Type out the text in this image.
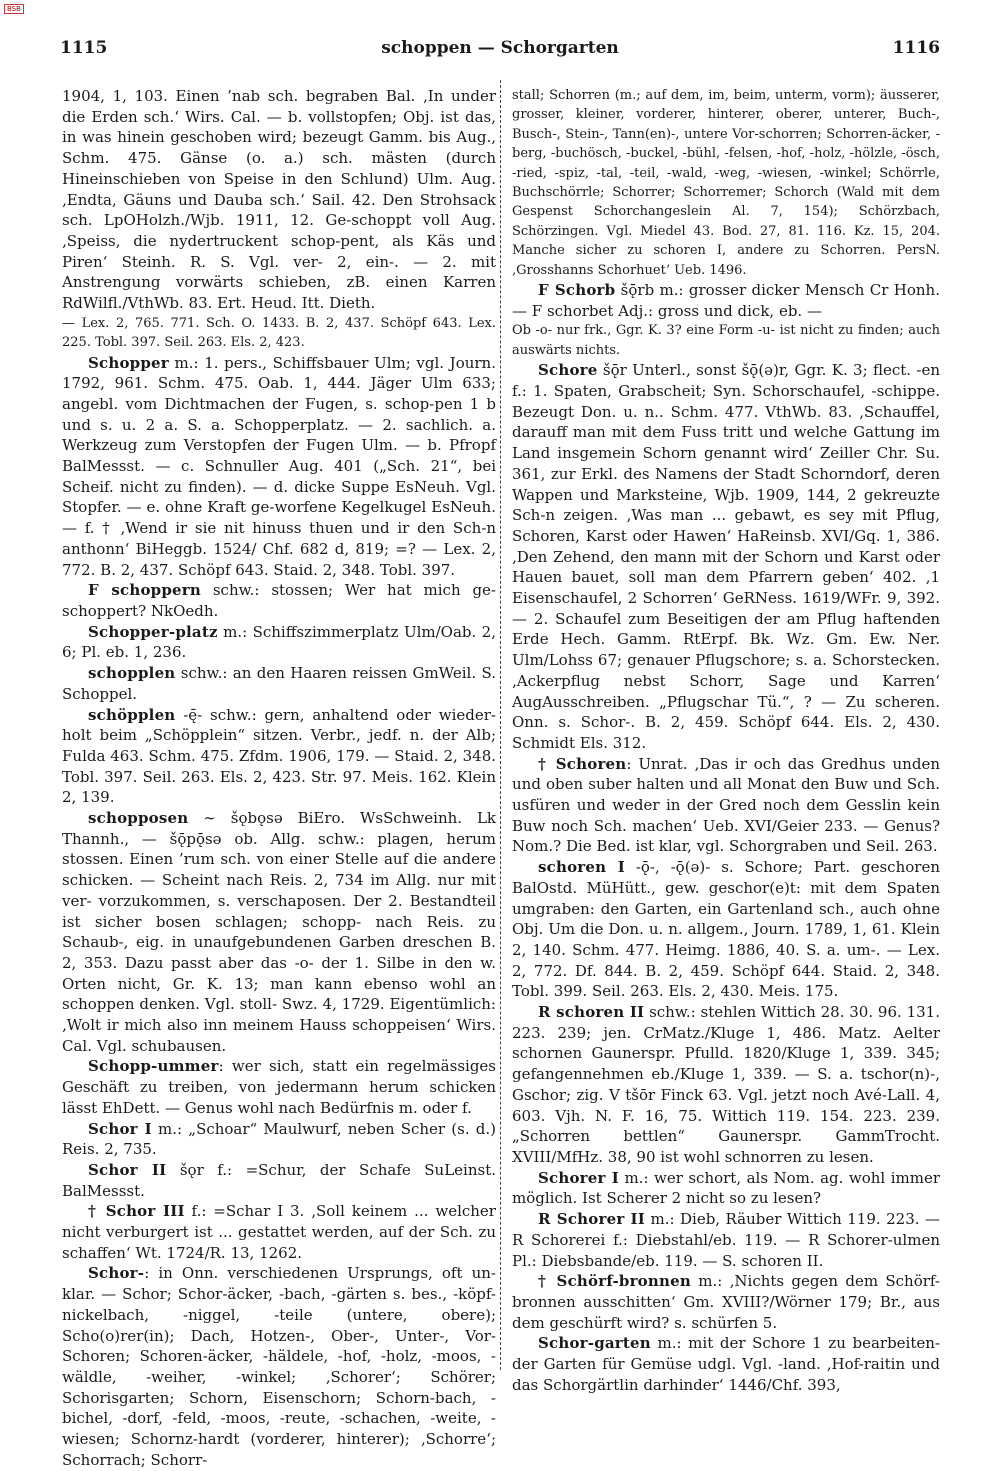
BSB
1115	schoppen — Schorgarten	1116

1904, 1, 103. Einen ’nab sch. begraben Bal. ‚In under die Erden sch.‘ Wirs. Cal. — b. vollstopfen; Obj. ist das, in was hinein geschoben wird; bezeugt Gamm. bis Aug., Schm. 475. Gänse (o. a.) sch. mästen (durch Hineinschieben von Speise in den Schlund) Ulm. Aug. ‚Endta, Gäuns und Dauba sch.‘ Sail. 42. Den Strohsack sch. LpOHolzh./Wjb. 1911, 12. Ge-schoppt voll Aug. ‚Speiss, die nydertruckent schop-pent, als Käs und Piren‘ Steinh. R. S. Vgl. ver- 2, ein-. — 2. mit Anstrengung vorwärts schieben, zB. einen Karren RdWilfl./VthWb. 83. Ert. Heud. Itt. Dieth.

— Lex. 2, 765. 771. Sch. O. 1433. B. 2, 437. Schöpf 643. Lex. 225. Tobl. 397. Seil. 263. Els. 2, 423.

Schopper m.: 1. pers., Schiffsbauer Ulm; vgl. Journ. 1792, 961. Schm. 475. Oab. 1, 444. Jäger Ulm 633; angebl. vom Dichtmachen der Fugen, s. schop-pen 1 b und s. u. 2 a. S. a. Schopperplatz. — 2. sachlich. a. Werkzeug zum Verstopfen der Fugen Ulm. — b. Pfropf BalMessst. — c. Schnuller Aug. 401 („Sch. 21“, bei Scheif. nicht zu finden). — d. dicke Suppe EsNeuh. Vgl. Stopfer. — e. ohne Kraft ge-worfene Kegelkugel EsNeuh. — f. † ‚Wend ir sie nit hinuss thuen und ir den Sch-n anthonn‘ BiHeggb. 1524/ Chf. 682 d, 819; =? — Lex. 2, 772. B. 2, 437. Schöpf 643. Staid. 2, 348. Tobl. 397.

F schoppern schw.: stossen; Wer hat mich ge-schoppert? NkOedh.

Schopper-platz m.: Schiffszimmerplatz Ulm/Oab. 2, 6; Pl. eb. 1, 236.

schopplen schw.: an den Haaren reissen GmWeil. S. Schoppel.

schöpplen -ę̄- schw.: gern, anhaltend oder wieder-holt beim „Schöpplein“ sitzen. Verbr., jedf. n. der Alb; Fulda 463. Schm. 475. Zfdm. 1906, 179. — Staid. 2, 348. Tobl. 397. Seil. 263. Els. 2, 423. Str. 97. Meis. 162. Klein 2, 139.

schopposen ∼ šǫbǫsə BiEro. WsSchweinh. Lk Thannh., — šǭpǭsə ob. Allg. schw.: plagen, herum stossen. Einen ’rum sch. von einer Stelle auf die andere schicken. — Scheint nach Reis. 2, 734 im Allg. nur mit ver- vorzukommen, s. verschaposen. Der 2. Bestandteil ist sicher bosen schlagen; schopp- nach Reis. zu Schaub-, eig. in unaufgebundenen Garben dreschen B. 2, 353. Dazu passt aber das -o- der 1. Silbe in den w. Orten nicht, Gr. K. 13; man kann ebenso wohl an schoppen denken. Vgl. stoll- Swz. 4, 1729. Eigentümlich: ‚Wolt ir mich also inn meinem Hauss schoppeisen‘ Wirs. Cal. Vgl. schubausen.

Schopp-ummer: wer sich, statt ein regelmässiges Geschäft zu treiben, von jedermann herum schicken lässt EhDett. — Genus wohl nach Bedürfnis m. oder f.

Schor I m.: „Schoar“ Maulwurf, neben Scher (s. d.) Reis. 2, 735.

Schor II šǫr f.: =Schur, der Schafe SuLeinst. BalMessst.

† Schor III f.: =Schar I 3. ‚Soll keinem ... welcher nicht verburgert ist ... gestattet werden, auf der Sch. zu schaffen‘ Wt. 1724/R. 13, 1262.

Schor-: in Onn. verschiedenen Ursprungs, oft un-klar. — Schor; Schor-äcker, -bach, -gärten s. bes., -köpf-nickelbach, -niggel, -teile (untere, obere); Scho(o)rer(in); Dach, Hotzen-, Ober-, Unter-, Vor-Schoren; Schoren-äcker, -häldele, -hof, -holz, -moos, -wäldle, -weiher, -winkel; ‚Schorer‘; Schörer; Schorisgarten; Schorn, Eisenschorn; Schorn-bach, -bichel, -dorf, -feld, -moos, -reute, -schachen, -weite, -wiesen; Schornz-hardt (vorderer, hinterer); ‚Schorre‘; Schorrach; Schorr-

stall; Schorren (m.; auf dem, im, beim, unterm, vorm); äusserer, grosser, kleiner, vorderer, hinterer, oberer, unterer, Buch-, Busch-, Stein-, Tann(en)-, untere Vor-schorren; Schorren-äcker, -berg, -buchösch, -buckel, -bühl, -felsen, -hof, -holz, -hölzle, -ösch, -ried, -spiz, -tal, -teil, -wald, -weg, -wiesen, -winkel; Schörrle, Buchschörrle; Schorrer; Schorremer; Schorch (Wald mit dem Gespenst Schorchangeslein Al. 7, 154); Schörzbach, Schörzingen. Vgl. Miedel 43. Bod. 27, 81. 116. Kz. 15, 204. Manche sicher zu schoren I, andere zu Schorren. PersN. ‚Grosshanns Schorhuet‘ Ueb. 1496.

F Schorb šǭrb m.: grosser dicker Mensch Cr Honh. — F schorbet Adj.: gross und dick, eb. —

Ob -o- nur frk., Ggr. K. 3? eine Form -u- ist nicht zu finden; auch auswärts nichts.

Schore šǭr Unterl., sonst šǭ(ə)r, Ggr. K. 3; flect. -en f.: 1. Spaten, Grabscheit; Syn. Schorschaufel, -schippe. Bezeugt Don. u. n.. Schm. 477. VthWb. 83. ‚Schauffel, darauff man mit dem Fuss tritt und welche Gattung im Land insgemein Schorn genannt wird‘ Zeiller Chr. Su. 361, zur Erkl. des Namens der Stadt Schorndorf, deren Wappen und Marksteine, Wjb. 1909, 144, 2 gekreuzte Sch-n zeigen. ‚Was man ... gebawt, es sey mit Pflug, Schoren, Karst oder Hawen‘ HaReinsb. XVI/Gq. 1, 386. ‚Den Zehend, den mann mit der Schorn und Karst oder Hauen bauet, soll man dem Pfarrern geben‘ 402. ‚1 Eisenschaufel, 2 Schorren‘ GeRNess. 1619/WFr. 9, 392. — 2. Schaufel zum Beseitigen der am Pflug haftenden Erde Hech. Gamm. RtErpf. Bk. Wz. Gm. Ew. Ner. Ulm/Lohss 67; genauer Pflugschore; s. a. Schorstecken. ‚Ackerpflug nebst Schorr, Sage und Karren‘ AugAusschreiben. „Pflugschar Tü.“, ? — Zu scheren. Onn. s. Schor-. B. 2, 459. Schöpf 644. Els. 2, 430. Schmidt Els. 312.

† Schoren: Unrat. ‚Das ir och das Gredhus unden und oben suber halten und all Monat den Buw und Sch. usfüren und weder in der Gred noch dem Gesslin kein Buw noch Sch. machen‘ Ueb. XVI/Geier 233. — Genus? Nom.? Die Bed. ist klar, vgl. Schorgraben und Seil. 263.

schoren I -ǭ-, -ǭ(ə)- s. Schore; Part. geschoren BalOstd. MüHütt., gew. geschor(e)t: mit dem Spaten umgraben: den Garten, ein Gartenland sch., auch ohne Obj. Um die Don. u. n. allgem., Journ. 1789, 1, 61. Klein 2, 140. Schm. 477. Heimg. 1886, 40. S. a. um-. — Lex. 2, 772. Df. 844. B. 2, 459. Schöpf 644. Staid. 2, 348. Tobl. 399. Seil. 263. Els. 2, 430. Meis. 175.

R schoren II schw.: stehlen Wittich 28. 30. 96. 131. 223. 239; jen. CrMatz./Kluge 1, 486. Matz. Aelter schornen Gaunerspr. Pfulld. 1820/Kluge 1, 339. 345; gefangennehmen eb./Kluge 1, 339. — S. a. tschor(n)-, Gschor; zig. V tšōr Finck 63. Vgl. jetzt noch Avé-Lall. 4, 603. Vjh. N. F. 16, 75. Wittich 119. 154. 223. 239. „Schorren bettlen“ Gaunerspr. GammTrocht. XVIII/MfHz. 38, 90 ist wohl schnorren zu lesen.

Schorer I m.: wer schort, als Nom. ag. wohl immer möglich. Ist Scherer 2 nicht so zu lesen?

R Schorer II m.: Dieb, Räuber Wittich 119. 223. — R Schorerei f.: Diebstahl/eb. 119. — R Schorer-ulmen Pl.: Diebsbande/eb. 119. — S. schoren II.

† Schörf-bronnen m.: ‚Nichts gegen dem Schörf-bronnen ausschitten‘ Gm. XVIII?/Wörner 179; Br., aus dem geschürft wird? s. schürfen 5.

Schor-garten m.: mit der Schore 1 zu bearbeiten-der Garten für Gemüse udgl. Vgl. -land. ‚Hof-raitin und das Schorgärtlin darhinder‘ 1446/Chf. 393,
